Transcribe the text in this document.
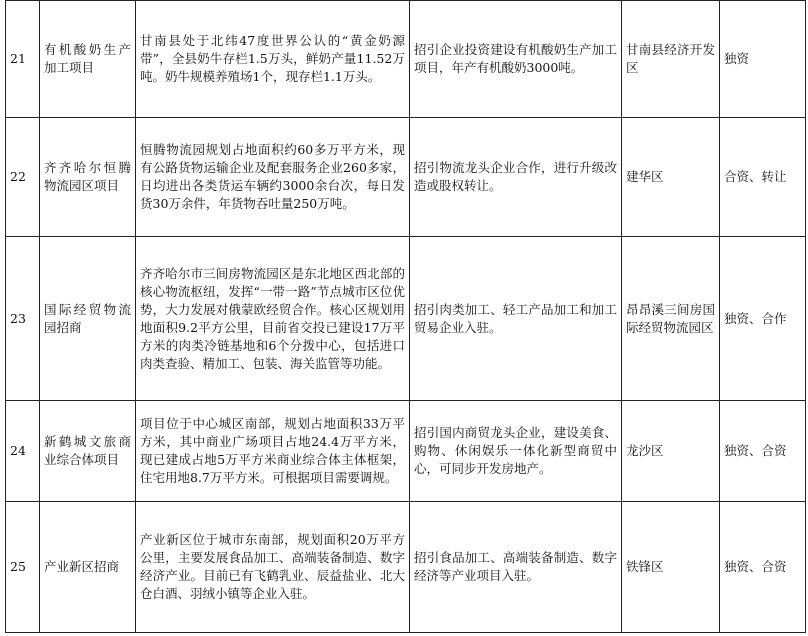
21	有机酸奶生产加工项目	甘南县处于北纬47度世界公认的“黄金奶源带”，全县奶牛存栏1.5万头，鲜奶产量11.52万吨。奶牛规模养殖场1个，现存栏1.1万头。	招引企业投资建设有机酸奶生产加工项目，年产有机酸奶3000吨。	甘南县经济开发区	独资
22	齐齐哈尔恒腾物流园区项目	恒腾物流园规划占地面积约60多万平方米，现有公路货物运输企业及配套服务企业260多家，日均进出各类货运车辆约3000余台次，每日发货30万余件，年货物吞吐量250万吨。	招引物流龙头企业合作，进行升级改造或股权转让。	建华区	合资、转让
23	国际经贸物流园招商	齐齐哈尔市三间房物流园区是东北地区西北部的核心物流枢纽，发挥“一带一路”节点城市区位优势，大力发展对俄蒙欧经贸合作。核心区规划用地面积9.2平方公里，目前省交投已建设17万平方米的肉类冷链基地和6个分拨中心，包括进口肉类查验、精加工、包装、海关监管等功能。	招引肉类加工、轻工产品加工和加工贸易企业入驻。	昂昂溪三间房国际经贸物流园区	独资、合作
24	新鹤城文旅商业综合体项目	项目位于中心城区南部，规划占地面积33万平方米，其中商业广场项目占地24.4万平方米，现已建成占地5万平方米商业综合体主体框架，住宅用地8.7万平方米。可根据项目需要调规。	招引国内商贸龙头企业，建设美食、购物、休闲娱乐一体化新型商贸中心，可同步开发房地产。	龙沙区	独资、合资
25	产业新区招商	产业新区位于城市东南部，规划面积20万平方公里，主要发展食品加工、高端装备制造、数字经济产业。目前已有飞鹤乳业、辰益盐业、北大仓白酒、羽绒小镇等企业入驻。	招引食品加工、高端装备制造、数字经济等产业项目入驻。	铁锋区	独资、合资
